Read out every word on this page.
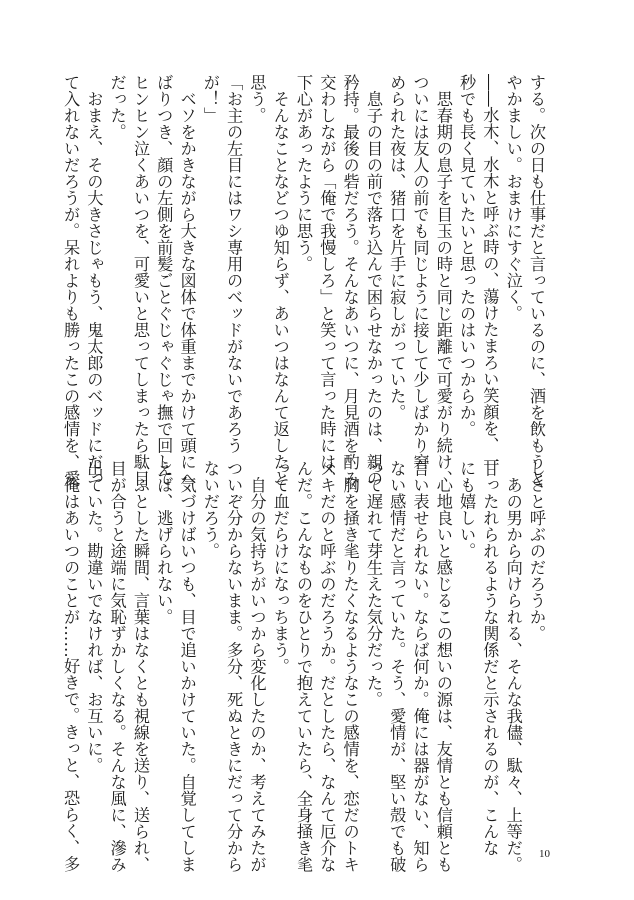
する。次の日も仕事だと言っているのに、酒を飲もうと
やかましい。おまけにすぐ泣く。
――水木、水木と呼ぶ時の、蕩けたまろい笑顔を、一
秒でも長く見ていたいと思ったのはいつからか。
　思春期の息子を目玉の時と同じ距離で可愛がり続け、
ついには友人の前でも同じように接して少しばかり窘
められた夜は、猪口を片手に寂しがっていた。
　息子の目の前で落ち込んで困らせなかったのは、親の
矜持。最後の砦だろう。そんなあいつに、月見酒を酌み
交わしながら「俺で我慢しろ」と笑って言った時には、
下心があったように思う。
　そんなことなどつゆ知らず、あいつはなんて返したと
思う。
「お主の左目にはワシ専用のベッドがないであろう
が！」
　ベソをかきながら大きな図体で体重までかけて頭にへ
ばりつき、顔の左側を前髪ごとぐじゃぐじゃ撫で回して
ヒンヒン泣くあいつを、可愛いと思ってしまったら駄目
だった。
　おまえ、その大きさじゃもう、鬼太郎のベッドにだっ
て入れないだろうが。呆れよりも勝ったこの感情を、愛
しさと呼ぶのだろうか。
　あの男から向けられる、そんな我儘、駄々、上等だ。
甘ったれられるような関係だと示されるのが、こんな
にも嬉しい。
　心地良いと感じるこの想いの源は、友情とも信頼とも
言い表せられない。ならば何か。俺には器がない、知ら
ない感情だと言っていた。そう、愛情が、堅い殻でも破
って遅れて芽生えた気分だった。
　胸を掻き毟りたくなるようなこの感情を、恋だのトキ
メキだのと呼ぶのだろうか。だとしたら、なんて厄介な
んだ。こんなものをひとりで抱えていたら、全身掻き毟
って血だらけになっちまう。
　自分の気持ちがいつから変化したのか、考えてみたが
ついぞ分からないまま。多分、死ぬときにだって分から
ないだろう。
　気づけばいつも、目で追いかけていた。自覚してしま
えば、逃げられない。
　ふとした瞬間、言葉はなくとも視線を送り、送られ、
目が合うと途端に気恥ずかしくなる。そんな風に、滲み
出ていた。勘違いでなければ、お互いに。
　俺はあいつのことが……好きで。きっと、恐らく、多	10
